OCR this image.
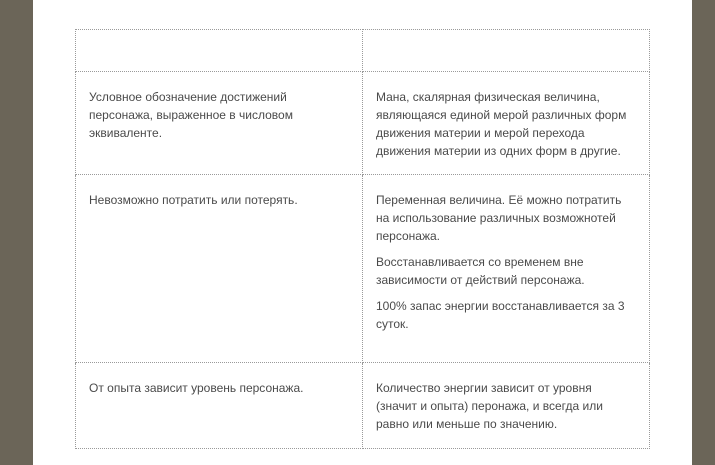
Условное обозначение достижений персонажа, выраженное в числовом эквиваленте.	Мана, скалярная физическая величина, являющаяся единой мерой различных форм движения материи и мерой перехода движения материи из одних форм в другие.

Невозможно потратить или потерять.	Переменная величина. Её можно потратить на использование различных возможнотей персонажа.

Восстанавливается со временем вне зависимости от действий персонажа.

100% запас энергии восстанавливается за 3 суток.

От опыта зависит уровень персонажа.	Количество энергии зависит от уровня (значит и опыта) перонажа, и всегда или равно или меньше по значению.
